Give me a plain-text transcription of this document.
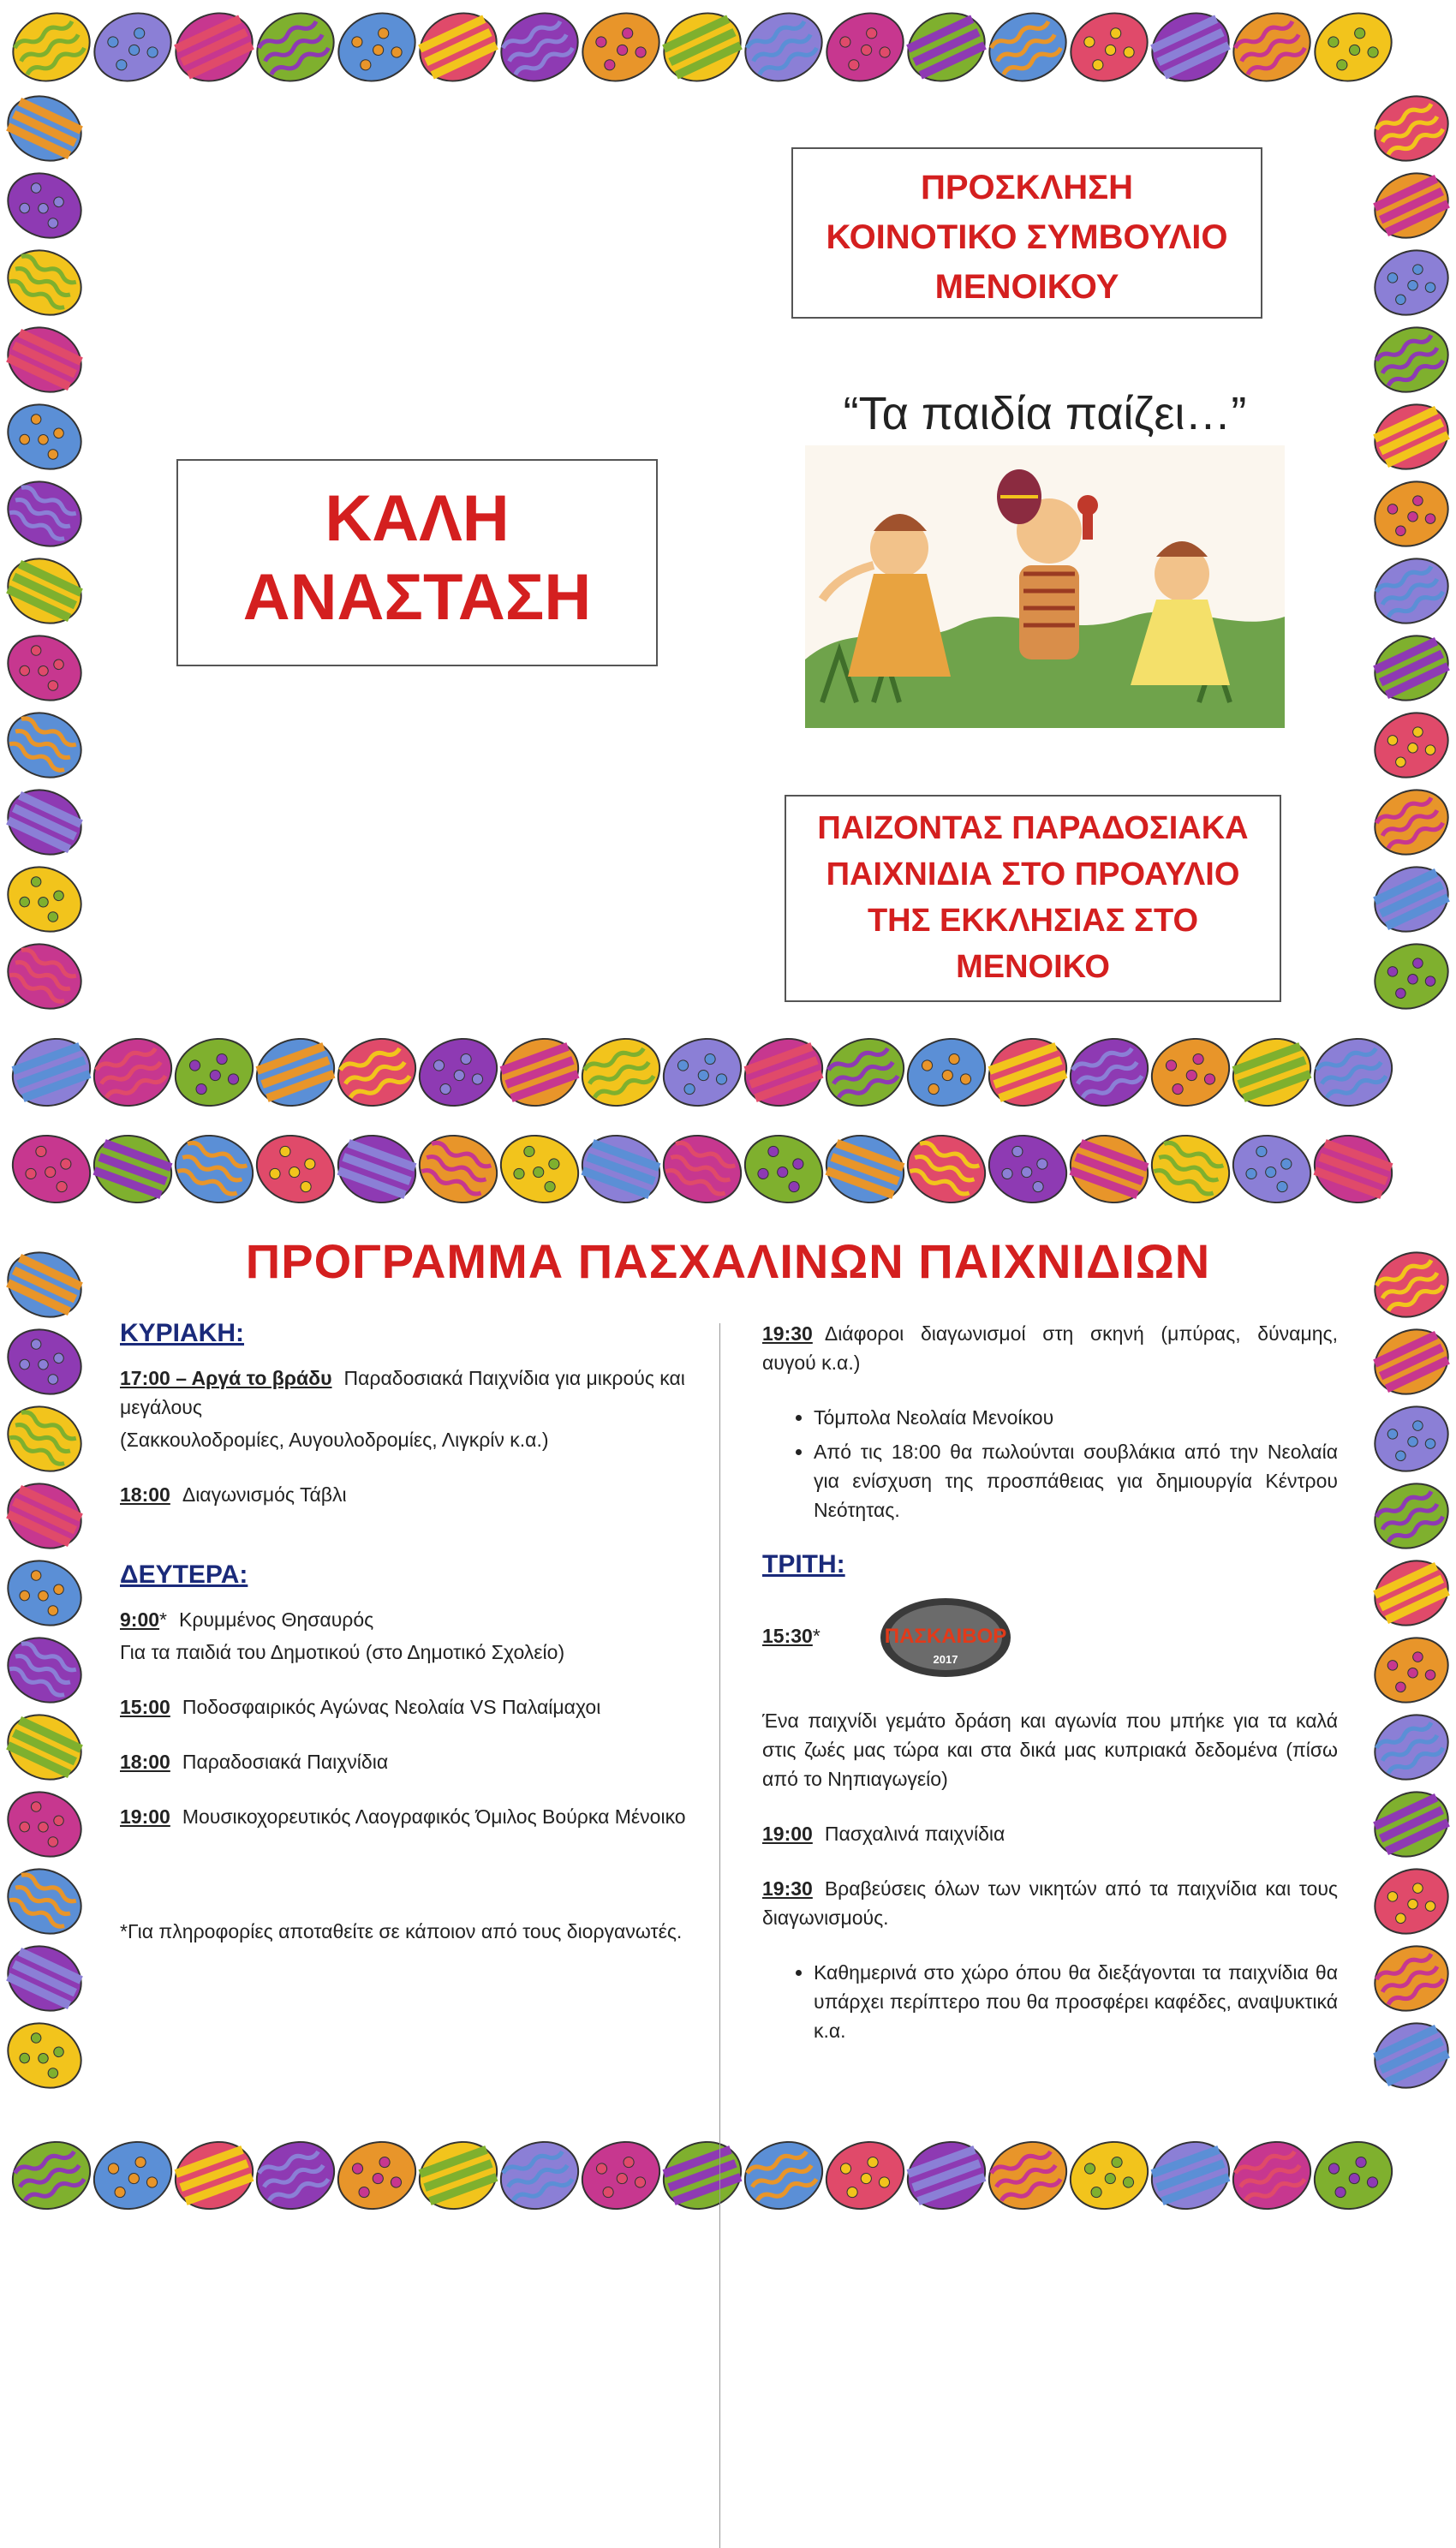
ΠΡΟΣΚΛΗΣΗ
ΚΟΙΝΟΤΙΚΟ ΣΥΜΒΟΥΛΙΟ
ΜΕΝΟΙΚΟΥ
“Τα παιδία παίζει…”
ΚΑΛΗ
ΑΝΑΣΤΑΣΗ
ΠΑΙΖΟΝΤΑΣ ΠΑΡΑΔΟΣΙΑΚΑ
ΠΑΙΧΝΙΔΙΑ ΣΤΟ ΠΡΟΑΥΛΙΟ
ΤΗΣ ΕΚΚΛΗΣΙΑΣ ΣΤΟ
ΜΕΝΟΙΚΟ
ΠΡΟΓΡΑΜΜΑ ΠΑΣΧΑΛΙΝΩΝ ΠΑΙΧΝΙΔΙΩΝ
ΚΥΡΙΑΚΗ:

17:00 – Αργά το βράδυ Παραδοσιακά Παιχνίδια για μικρούς και μεγάλους

(Σακκουλοδρομίες, Αυγουλοδρομίες, Λιγκρίν κ.α.)

18:00 Διαγωνισμός Τάβλι

ΔΕΥΤΕΡΑ:

9:00* Κρυμμένος Θησαυρός

Για τα παιδιά του Δημοτικού (στο Δημοτικό Σχολείο)

15:00 Ποδοσφαιρικός Αγώνας Νεολαία VS Παλαίμαχοι

18:00 Παραδοσιακά Παιχνίδια

19:00 Μουσικοχορευτικός Λαογραφικός Όμιλος Βούρκα Μένοικο

*Για πληροφορίες αποταθείτε σε κάποιον από τους διοργανωτές.

19:30 Διάφοροι διαγωνισμοί στη σκηνή (μπύρας, δύναμης, αυγού κ.α.)

• Τόμπολα Νεολαία Μενοίκου
• Από τις 18:00 θα πωλούνται σουβλάκια από την Νεολαία για ενίσχυση της προσπάθειας για δημιουργία Κέντρου Νεότητας.
ΤΡΙΤΗ:

15:30*	ΠΑΣΚΑΙΒΟΡ
2017

Ένα παιχνίδι γεμάτο δράση και αγωνία που μπήκε για τα καλά στις ζωές μας τώρα και στα δικά μας κυπριακά δεδομένα (πίσω από το Νηπιαγωγείο)

19:00 Πασχαλινά παιχνίδια

19:30 Βραβεύσεις όλων των νικητών από τα παιχνίδια και τους διαγωνισμούς.

• Καθημερινά στο χώρο όπου θα διεξάγονται τα παιχνίδια θα υπάρχει περίπτερο που θα προσφέρει καφέδες, αναψυκτικά κ.α.
